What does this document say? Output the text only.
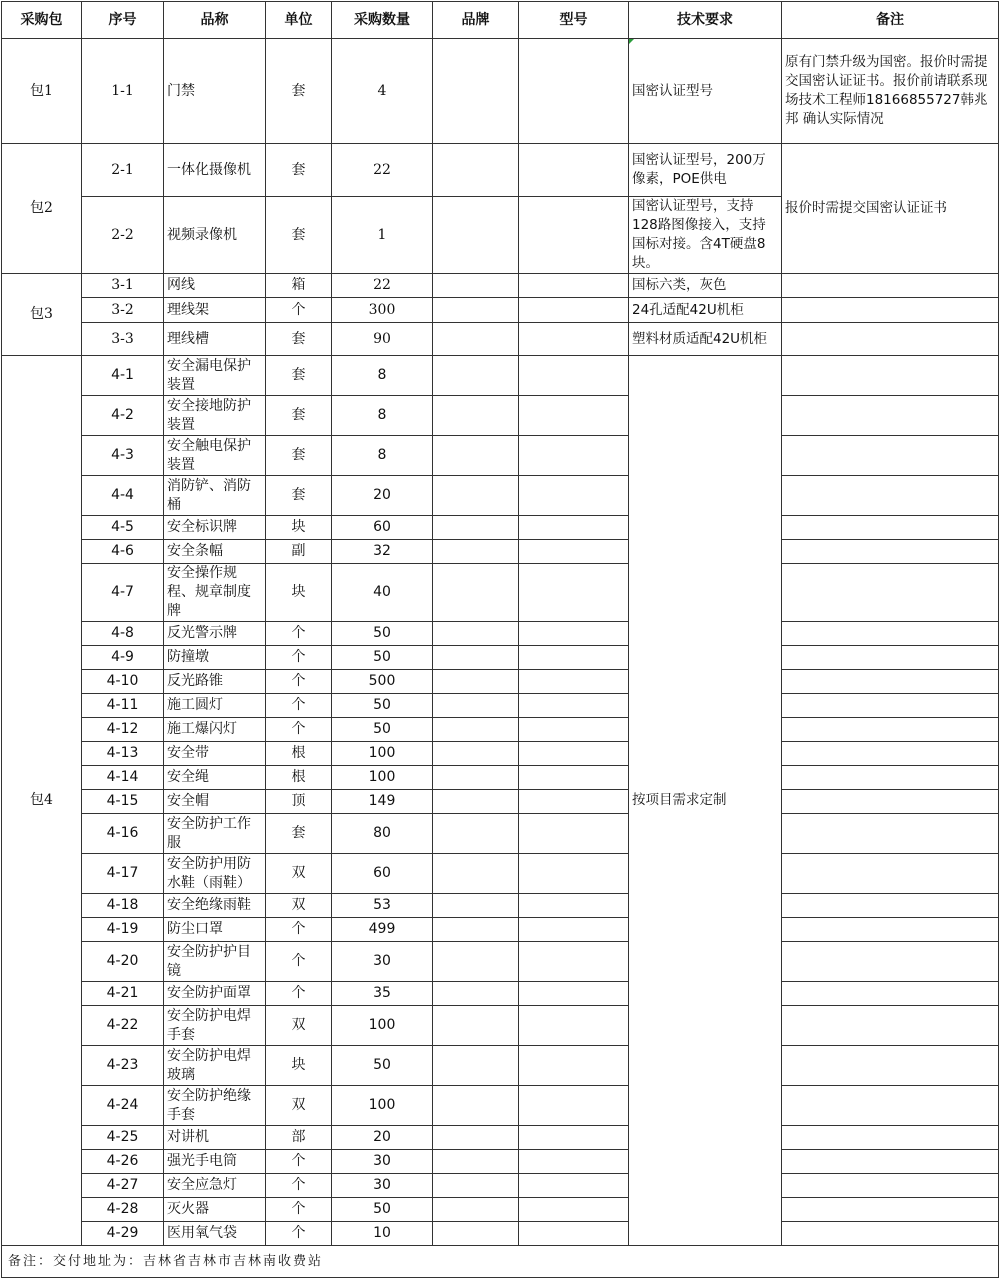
采购包	序号	品称	单位	采购数量	品牌	型号	技术要求	备注
包1	1-1	门禁	套	4			国密认证型号	原有门禁升级为国密。报价时需提交国密认证证书。报价前请联系现场技术工程师18166855727韩兆邦 确认实际情况
包2	2-1	一体化摄像机	套	22			国密认证型号，200万像素，POE供电	报价时需提交国密认证证书
	2-2	视频录像机	套	1			国密认证型号，支持128路图像接入，支持国标对接。含4T硬盘8块。	
包3	3-1	网线	箱	22			国标六类，灰色	
	3-2	理线架	个	300			24孔适配42U机柜	
	3-3	理线槽	套	90			塑料材质适配42U机柜	
包4	4-1	安全漏电保护装置	套	8			按项目需求定制	
	4-2	安全接地防护装置	套	8				
	4-3	安全触电保护装置	套	8				
	4-4	消防铲、消防桶	套	20				
	4-5	安全标识牌	块	60				
	4-6	安全条幅	副	32				
	4-7	安全操作规程、规章制度牌	块	40				
	4-8	反光警示牌	个	50				
	4-9	防撞墩	个	50				
	4-10	反光路锥	个	500				
	4-11	施工圆灯	个	50				
	4-12	施工爆闪灯	个	50				
	4-13	安全带	根	100				
	4-14	安全绳	根	100				
	4-15	安全帽	顶	149				
	4-16	安全防护工作服	套	80				
	4-17	安全防护用防水鞋（雨鞋）	双	60				
	4-18	安全绝缘雨鞋	双	53				
	4-19	防尘口罩	个	499				
	4-20	安全防护护目镜	个	30				
	4-21	安全防护面罩	个	35				
	4-22	安全防护电焊手套	双	100				
	4-23	安全防护电焊玻璃	块	50				
	4-24	安全防护绝缘手套	双	100				
	4-25	对讲机	部	20				
	4-26	强光手电筒	个	30				
	4-27	安全应急灯	个	30				
	4-28	灭火器	个	50				
	4-29	医用氧气袋	个	10				
备注：交付地址为：吉林省吉林市吉林南收费站								
